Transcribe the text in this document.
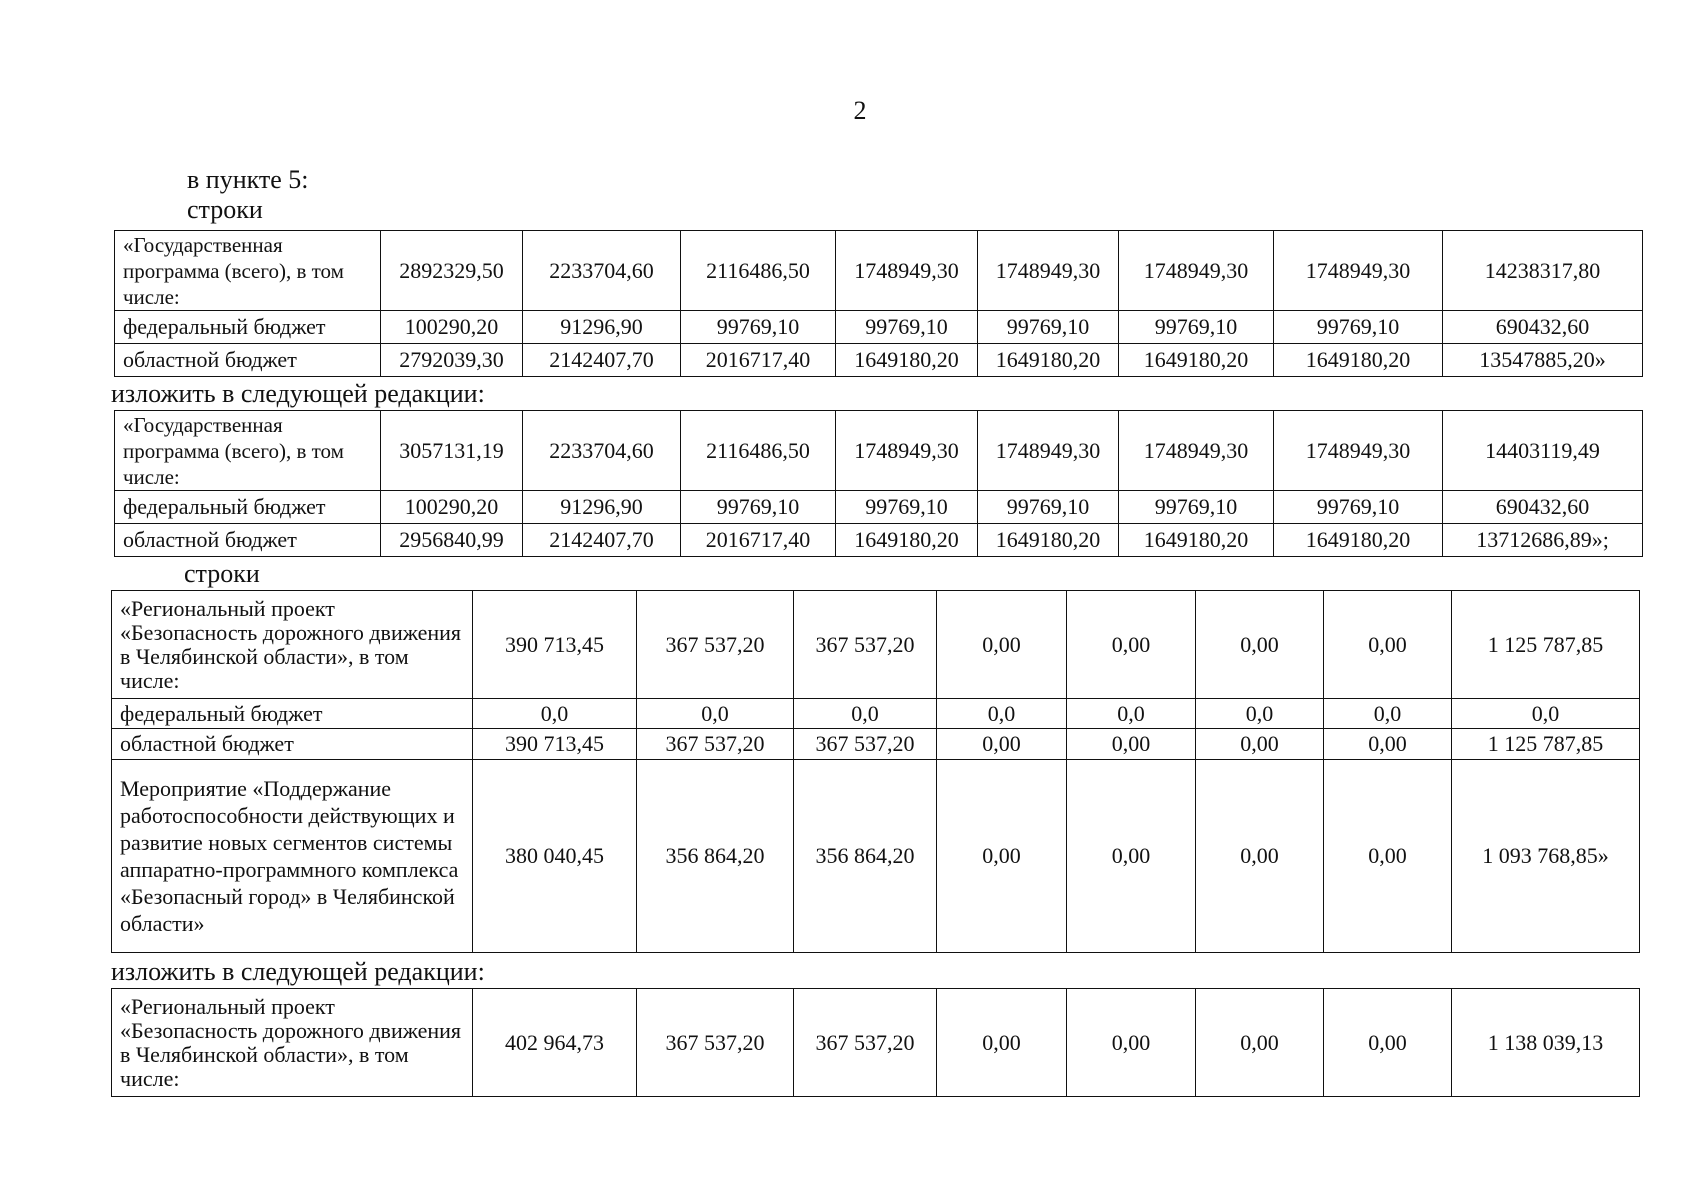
2
в пункте 5:
строки
«Государственная программа (всего), в том числе:	2892329,50	2233704,60	2116486,50	1748949,30	1748949,30	1748949,30	1748949,30	14238317,80
федеральный бюджет	100290,20	91296,90	99769,10	99769,10	99769,10	99769,10	99769,10	690432,60
областной бюджет	2792039,30	2142407,70	2016717,40	1649180,20	1649180,20	1649180,20	1649180,20	13547885,20»
изложить в следующей редакции:
«Государственная программа (всего), в том числе:	3057131,19	2233704,60	2116486,50	1748949,30	1748949,30	1748949,30	1748949,30	14403119,49
федеральный бюджет	100290,20	91296,90	99769,10	99769,10	99769,10	99769,10	99769,10	690432,60
областной бюджет	2956840,99	2142407,70	2016717,40	1649180,20	1649180,20	1649180,20	1649180,20	13712686,89»;
строки
«Региональный проект «Безопасность дорожного движения в Челябинской области», в том числе:	390 713,45	367 537,20	367 537,20	0,00	0,00	0,00	0,00	1 125 787,85
федеральный бюджет	0,0	0,0	0,0	0,0	0,0	0,0	0,0	0,0
областной бюджет	390 713,45	367 537,20	367 537,20	0,00	0,00	0,00	0,00	1 125 787,85
Мероприятие «Поддержание работоспособности действующих и развитие новых сегментов системы аппаратно-программного комплекса «Безопасный город» в Челябинской области»	380 040,45	356 864,20	356 864,20	0,00	0,00	0,00	0,00	1 093 768,85»
изложить в следующей редакции:
«Региональный проект «Безопасность дорожного движения в Челябинской области», в том числе:	402 964,73	367 537,20	367 537,20	0,00	0,00	0,00	0,00	1 138 039,13
